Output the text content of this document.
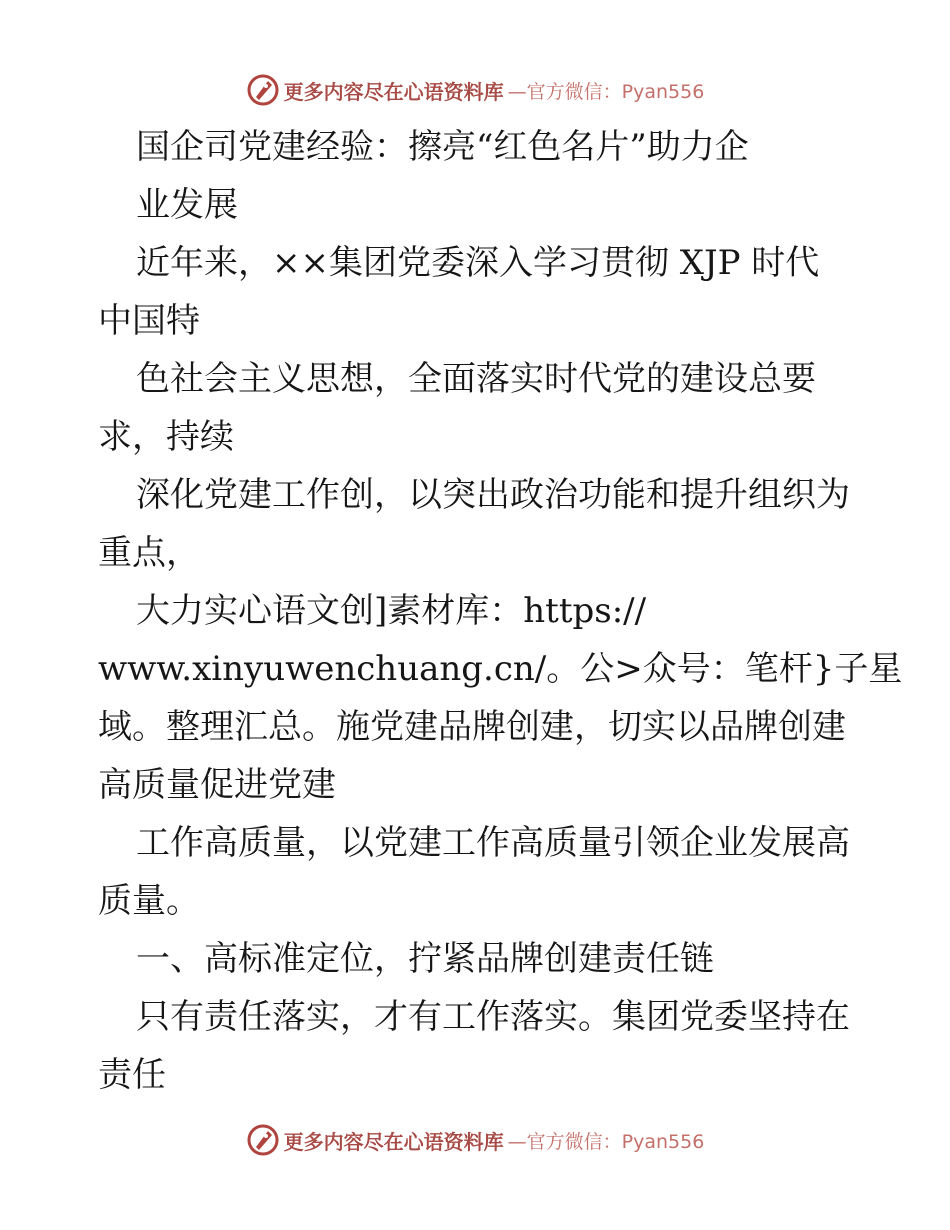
更多内容尽在心语资料库 —官方微信：Pyan556
国企司党建经验：擦亮“红色名片”助力企
业发展
近年来，××集团党委深入学习贯彻 XJP 时代
中国特
色社会主义思想，全面落实时代党的建设总要
求，持续
深化党建工作创，以突出政治功能和提升组织为
重点，
大力实心语文创]素材库：https://
www.xinyuwenchuang.cn/。公>众号：笔杆}子星
域。整理汇总。施党建品牌创建，切实以品牌创建
高质量促进党建
工作高质量，以党建工作高质量引领企业发展高
质量。
一、高标准定位，拧紧品牌创建责任链
只有责任落实，才有工作落实。集团党委坚持在
责任
更多内容尽在心语资料库 —官方微信：Pyan556
